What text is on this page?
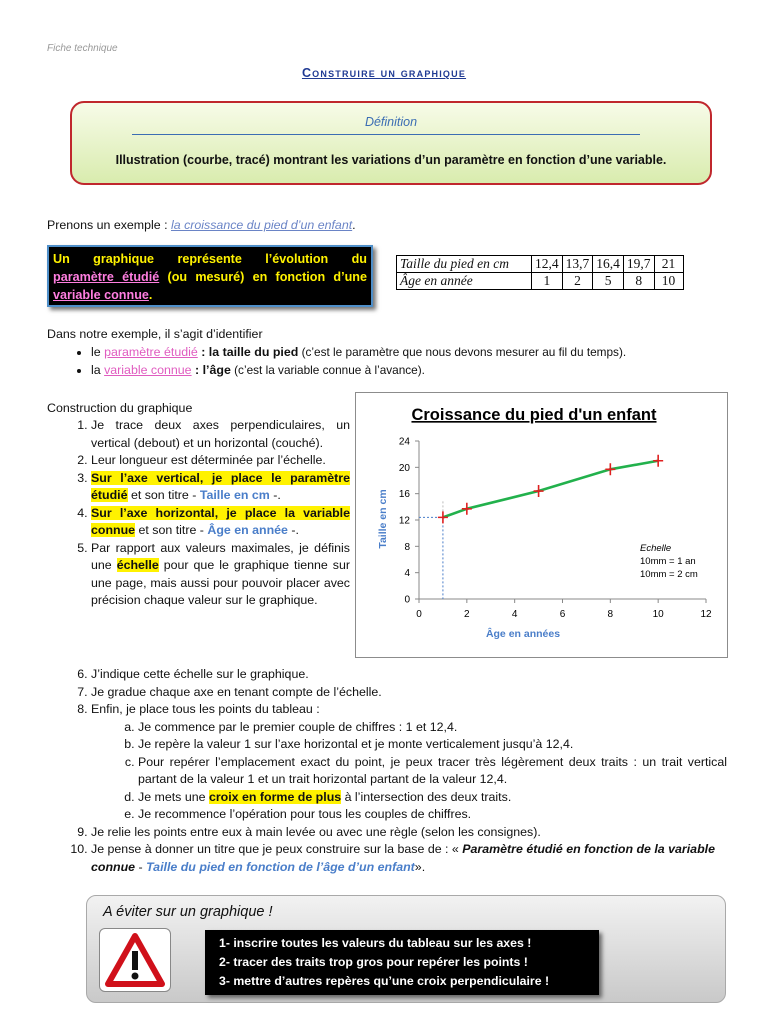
Fiche technique
Construire un graphique
Définition
Illustration (courbe, tracé) montrant les variations d’un paramètre en fonction d’une variable.
Prenons un exemple : la croissance du pied d’un enfant.

Un graphique représente l’évolution du

paramètre étudié (ou mesuré) en fonction d’une

variable connue.

Taille du pied en cm	12,4	13,7	16,4	19,7	21
Âge en année	1	2	5	8	10
Dans notre exemple, il s’agit d’identifier
• le paramètre étudié : la taille du pied (c’est le paramètre que nous devons mesurer au fil du temps).
• la variable connue : l’âge (c’est la variable connue à l’avance).
Construction du graphique
1. Je trace deux axes perpendiculaires, un vertical (debout) et un horizontal (couché).
2. Leur longueur est déterminée par l’échelle.
3. Sur l’axe vertical, je place le paramètre étudié et son titre - Taille en cm -.
4. Sur l’axe horizontal, je place la variable connue et son titre - Âge en année -.
5. Par rapport aux valeurs maximales, je définis une échelle pour que le graphique tienne sur une page, mais aussi pour pouvoir placer avec précision chaque valeur sur le graphique.
Croissance du pied d'un enfant
Âge en années
Taille en cm	Echelle
10mm = 1 an
10mm = 2 cm
0
4
8
12
16
20
24
0	2	4	6	8	10	12
6. J’indique cette échelle sur le graphique.
7. Je gradue chaque axe en tenant compte de l’échelle.
8. Enfin, je place tous les points du tableau :
a. Je commence par le premier couple de chiffres : 1 et 12,4.
b. Je repère la valeur 1 sur l’axe horizontal et je monte verticalement jusqu’à 12,4.
c. Pour repérer l’emplacement exact du point, je peux tracer très légèrement deux traits : un trait vertical partant de la valeur 1 et un trait horizontal partant de la valeur 12,4.
d. Je mets une croix en forme de plus à l’intersection des deux traits.
e. Je recommence l’opération pour tous les couples de chiffres.
9. Je relie les points entre eux à main levée ou avec une règle (selon les consignes).
10. Je pense à donner un titre que je peux construire sur la base de : « Paramètre étudié en fonction de la variable connue - Taille du pied en fonction de l’âge d’un enfant».
A éviter sur un graphique !
1- inscrire toutes les valeurs du tableau sur les axes !
2- tracer des traits trop gros pour repérer les points !
3- mettre d’autres repères qu’une croix perpendiculaire !
